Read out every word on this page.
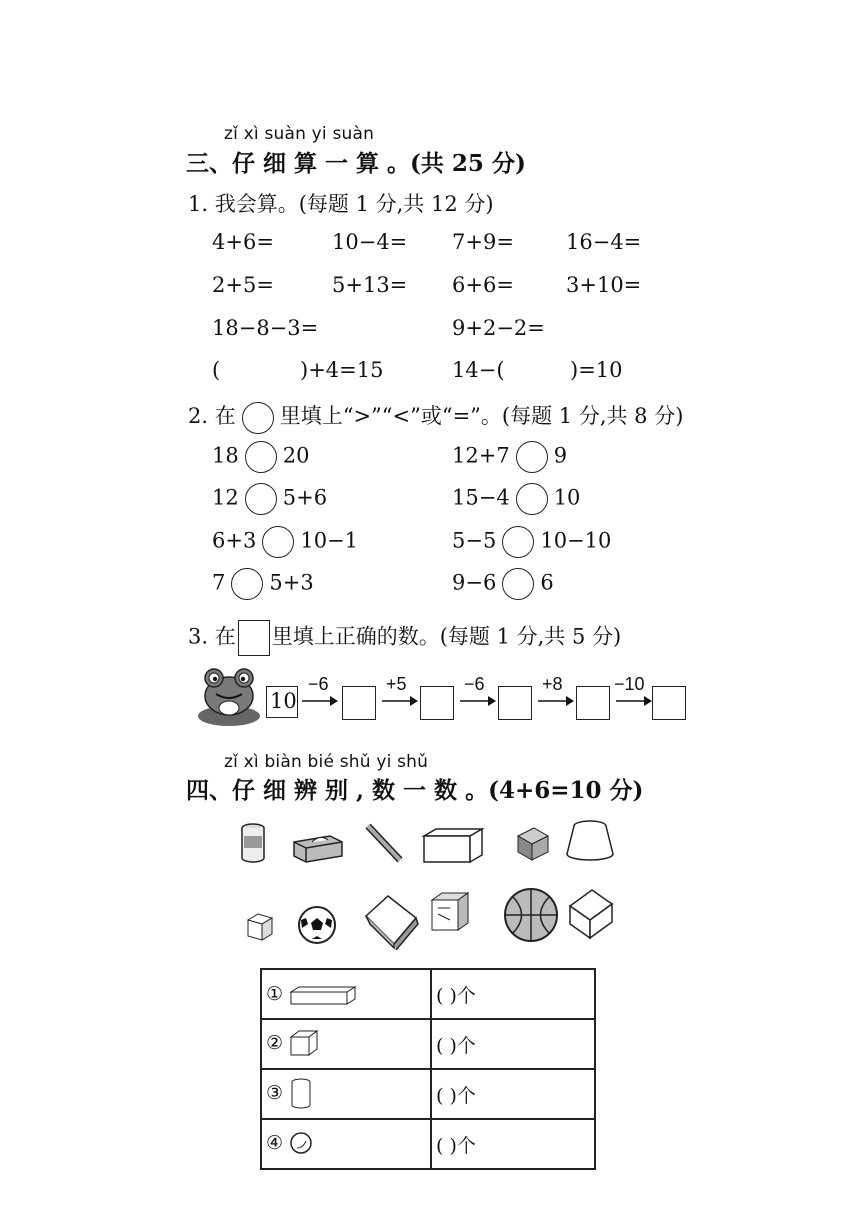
zǐ xì suàn yi suàn
三、仔 细 算 一 算 。(共 25 分)
1. 我会算。(每题 1 分,共 12 分)
4+6=	10−4= 7+9= 16−4=
2+5=	5+13= 6+6= 3+10=
18−8−3=	9+2−2=
(	)+4=15	14−(	)=10
2. 在 里填上“>”“<”或“=”。(每题 1 分,共 8 分)
18 20	12+7 9
12 5+6	15−4 10
6+3 10−1	5−5 10−10
7 5+3	9−6 6
3. 在 里填上正确的数。(每题 1 分,共 5 分)
10
−6	+5	−6	+8	−10
zǐ xì biàn bié shǔ yi shǔ
四、仔 细 辨 别 , 数 一 数 。(4+6=10 分)
①	( )个
②	( )个
③	( )个
④	( )个
